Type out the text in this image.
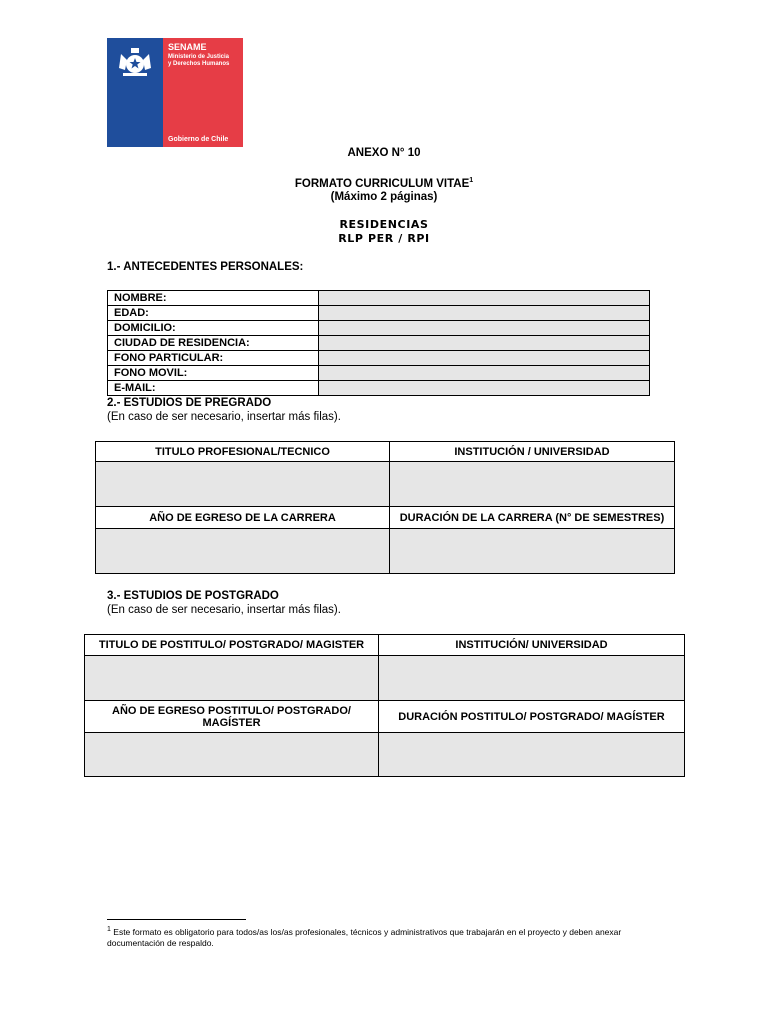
SENAME
Ministerio de Justicia
y Derechos Humanos
Gobierno de Chile
ANEXO N° 10
FORMATO CURRICULUM VITAE$^1$
(Máximo 2 páginas)
RESIDENCIAS
RLP PER / RPI
1.- ANTECEDENTES PERSONALES:
NOMBRE:	
EDAD:	
DOMICILIO:	
CIUDAD DE RESIDENCIA:	
FONO PARTICULAR:	
FONO MOVIL:	
E-MAIL:	
2.- ESTUDIOS DE PREGRADO
(En caso de ser necesario, insertar más filas).
TITULO PROFESIONAL/TECNICO	INSTITUCIÓN / UNIVERSIDAD

AÑO DE EGRESO DE LA CARRERA	DURACIÓN DE LA CARRERA (N° DE SEMESTRES)

3.- ESTUDIOS DE POSTGRADO
(En caso de ser necesario, insertar más filas).
TITULO DE POSTITULO/ POSTGRADO/ MAGISTER	INSTITUCIÓN/ UNIVERSIDAD

AÑO DE EGRESO POSTITULO/ POSTGRADO/ MAGÍSTER	DURACIÓN POSTITULO/ POSTGRADO/ MAGÍSTER

$^1$ Este formato es obligatorio para todos/as los/as profesionales, técnicos y administrativos que trabajarán en el proyecto y deben anexar documentación de respaldo.
